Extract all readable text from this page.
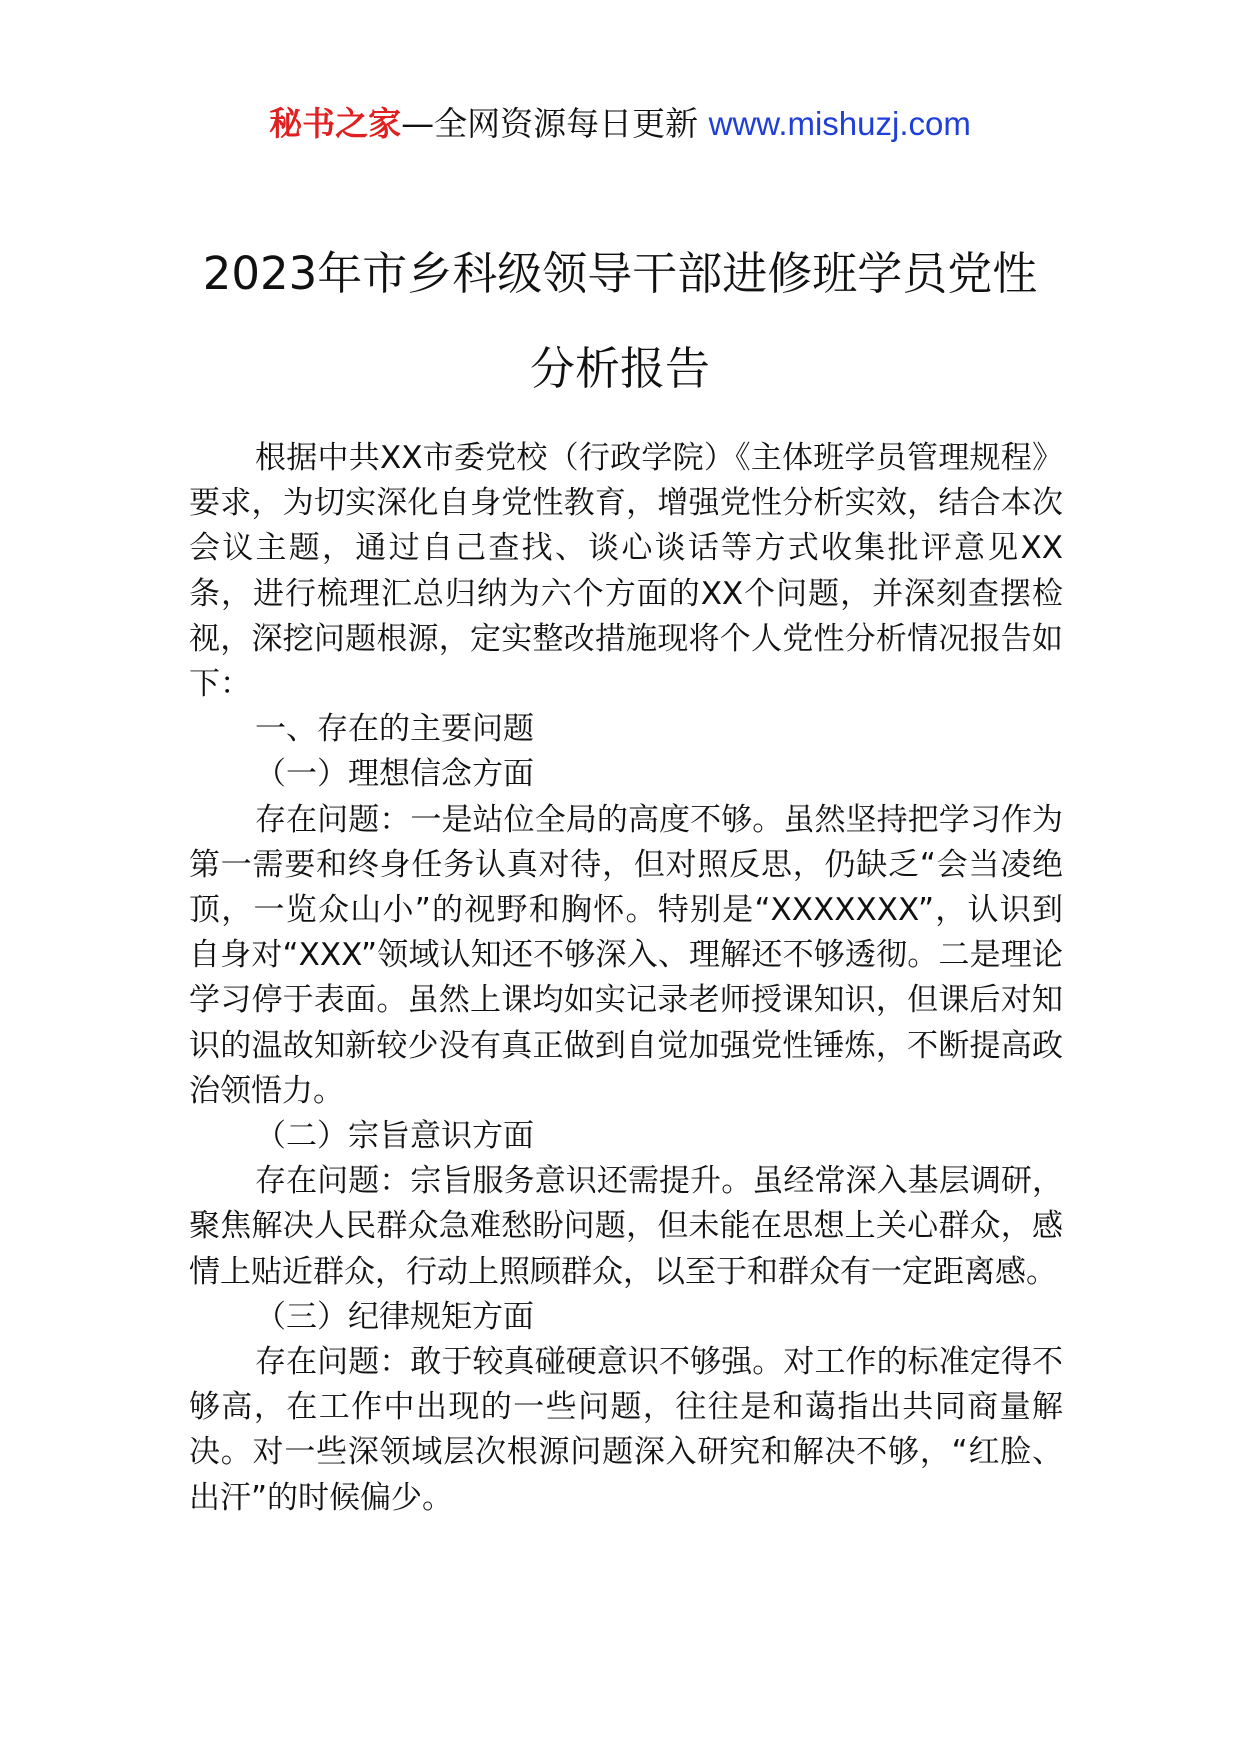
秘书之家—全网资源每日更新 www.mishuzj.com
2023年市乡科级领导干部进修班学员党性
分析报告

根据中共XX市委党校（行政学院）《主体班学员管理规程》要求，为切实深化自身党性教育，增强党性分析实效，结合本次会议主题，通过自己查找、谈心谈话等方式收集批评意见XX条，进行梳理汇总归纳为六个方面的XX个问题，并深刻查摆检视，深挖问题根源，定实整改措施现将个人党性分析情况报告如下：

一、存在的主要问题

（一）理想信念方面

存在问题：一是站位全局的高度不够。虽然坚持把学习作为第一需要和终身任务认真对待，但对照反思，仍缺乏“会当凌绝顶，一览众山小”的视野和胸怀。特别是“XXXXXXX”，认识到自身对“XXX”领域认知还不够深入、理解还不够透彻。二是理论学习停于表面。虽然上课均如实记录老师授课知识，但课后对知识的温故知新较少没有真正做到自觉加强党性锤炼，不断提高政治领悟力。

（二）宗旨意识方面

存在问题：宗旨服务意识还需提升。虽经常深入基层调研，聚焦解决人民群众急难愁盼问题，但未能在思想上关心群众，感情上贴近群众，行动上照顾群众，以至于和群众有一定距离感。

（三）纪律规矩方面

存在问题：敢于较真碰硬意识不够强。对工作的标准定得不够高，在工作中出现的一些问题，往往是和蔼指出共同商量解决。对一些深领域层次根源问题深入研究和解决不够，“红脸、出汗”的时候偏少。
